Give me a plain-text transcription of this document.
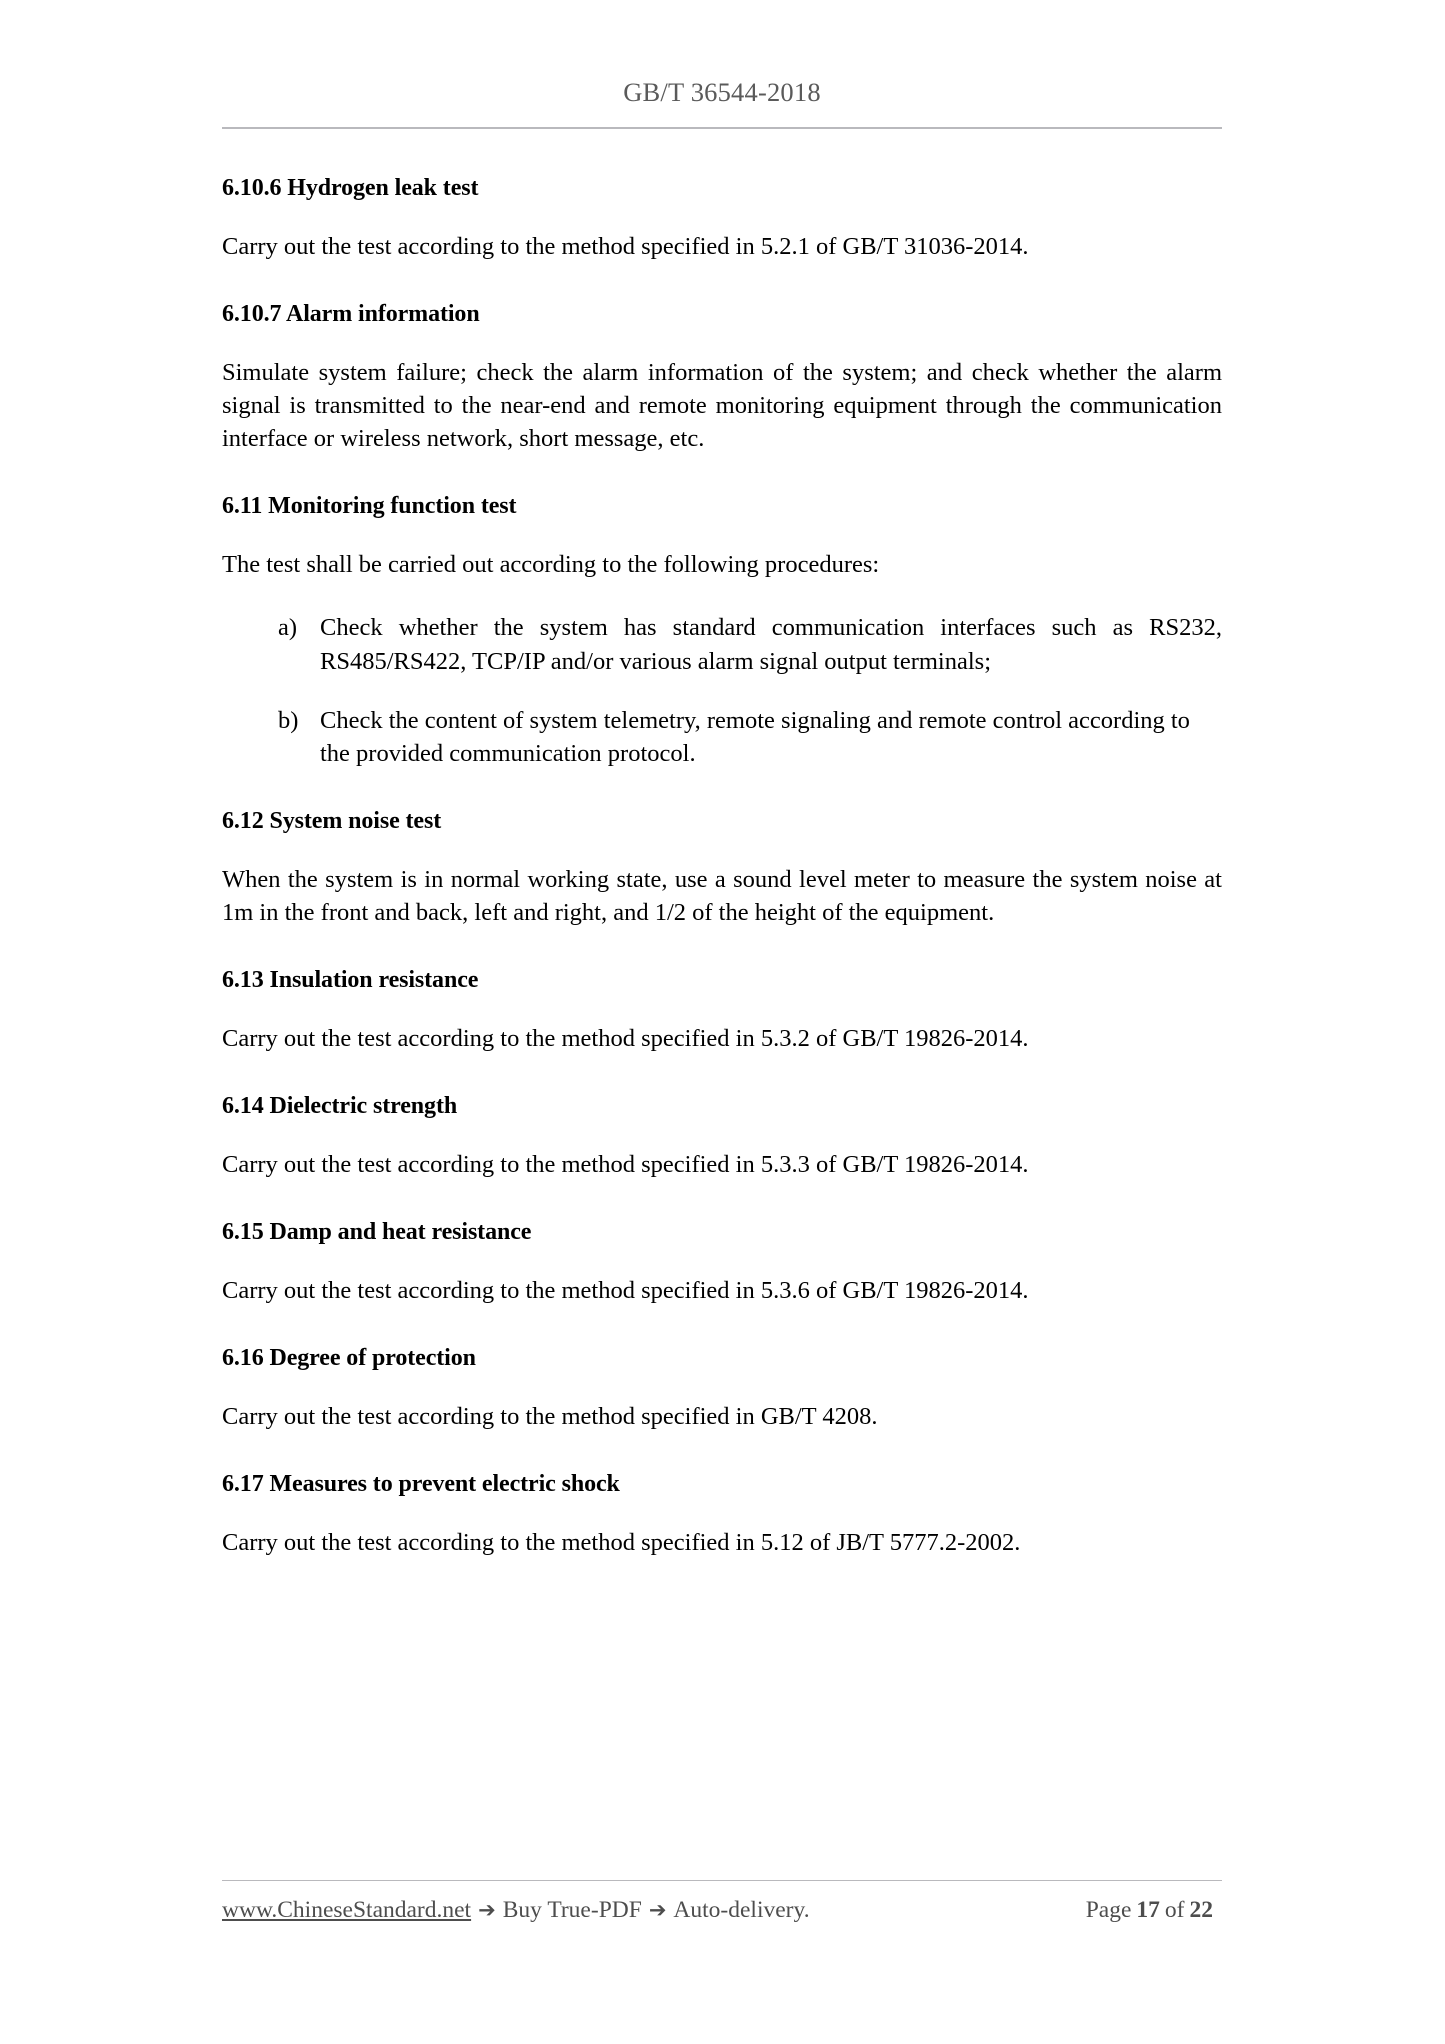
GB/T 36544-2018
6.10.6 Hydrogen leak test

Carry out the test according to the method specified in 5.2.1 of GB/T 31036-2014.

6.10.7 Alarm information

Simulate system failure; check the alarm information of the system; and check whether the alarm signal is transmitted to the near-end and remote monitoring equipment through the communication interface or wireless network, short message, etc.

6.11 Monitoring function test

The test shall be carried out according to the following procedures:

a) Check whether the system has standard communication interfaces such as RS232, RS485/RS422, TCP/IP and/or various alarm signal output terminals;
b) Check the content of system telemetry, remote signaling and remote control according to the provided communication protocol.
6.12 System noise test

When the system is in normal working state, use a sound level meter to measure the system noise at 1m in the front and back, left and right, and 1/2 of the height of the equipment.

6.13 Insulation resistance

Carry out the test according to the method specified in 5.3.2 of GB/T 19826-2014.

6.14 Dielectric strength

Carry out the test according to the method specified in 5.3.3 of GB/T 19826-2014.

6.15 Damp and heat resistance

Carry out the test according to the method specified in 5.3.6 of GB/T 19826-2014.

6.16 Degree of protection

Carry out the test according to the method specified in GB/T 4208.

6.17 Measures to prevent electric shock

Carry out the test according to the method specified in 5.12 of JB/T 5777.2-2002.

www.ChineseStandard.net ➔ Buy True-PDF ➔ Auto-delivery.	Page 17 of 22
